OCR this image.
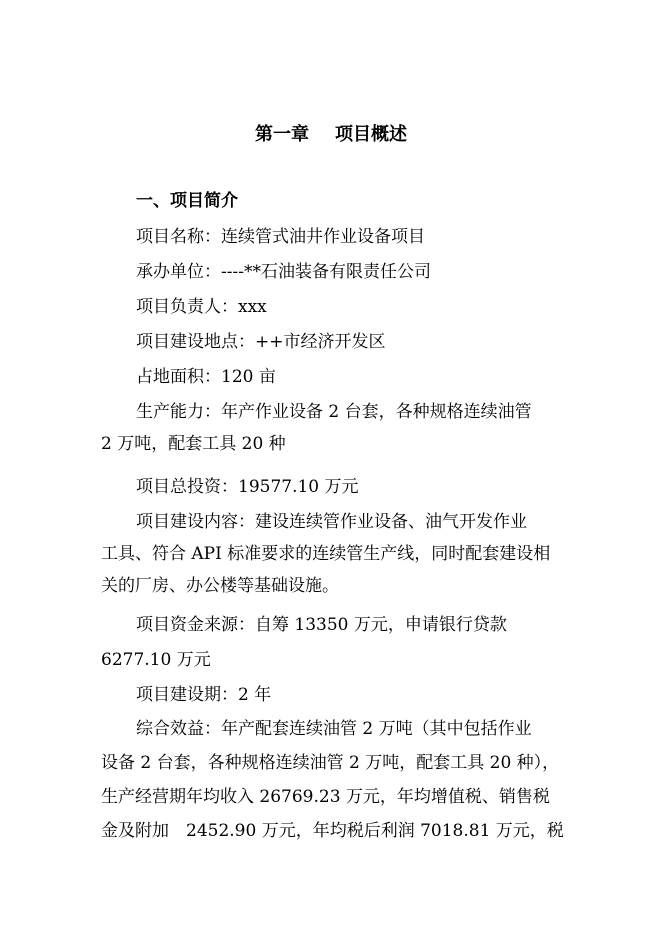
第一章 项目概述
一、项目简介
项目名称：连续管式油井作业设备项目
承办单位：----**石油装备有限责任公司
项目负责人：xxx
项目建设地点：++市经济开发区
占地面积：120 亩
生产能力：年产作业设备 2 台套，各种规格连续油管
2 万吨，配套工具 20 种
项目总投资：19577.10 万元
项目建设内容：建设连续管作业设备、油气开发作业
工具、符合 API 标准要求的连续管生产线，同时配套建设相
关的厂房、办公楼等基础设施。
项目资金来源：自筹 13350 万元，申请银行贷款
6277.10 万元
项目建设期：2 年
综合效益：年产配套连续油管 2 万吨（其中包括作业
设备 2 台套，各种规格连续油管 2 万吨，配套工具 20 种），
生产经营期年均收入 26769.23 万元，年均增值税、销售税
金及附加　2452.90 万元，年均税后利润 7018.81 万元，税
